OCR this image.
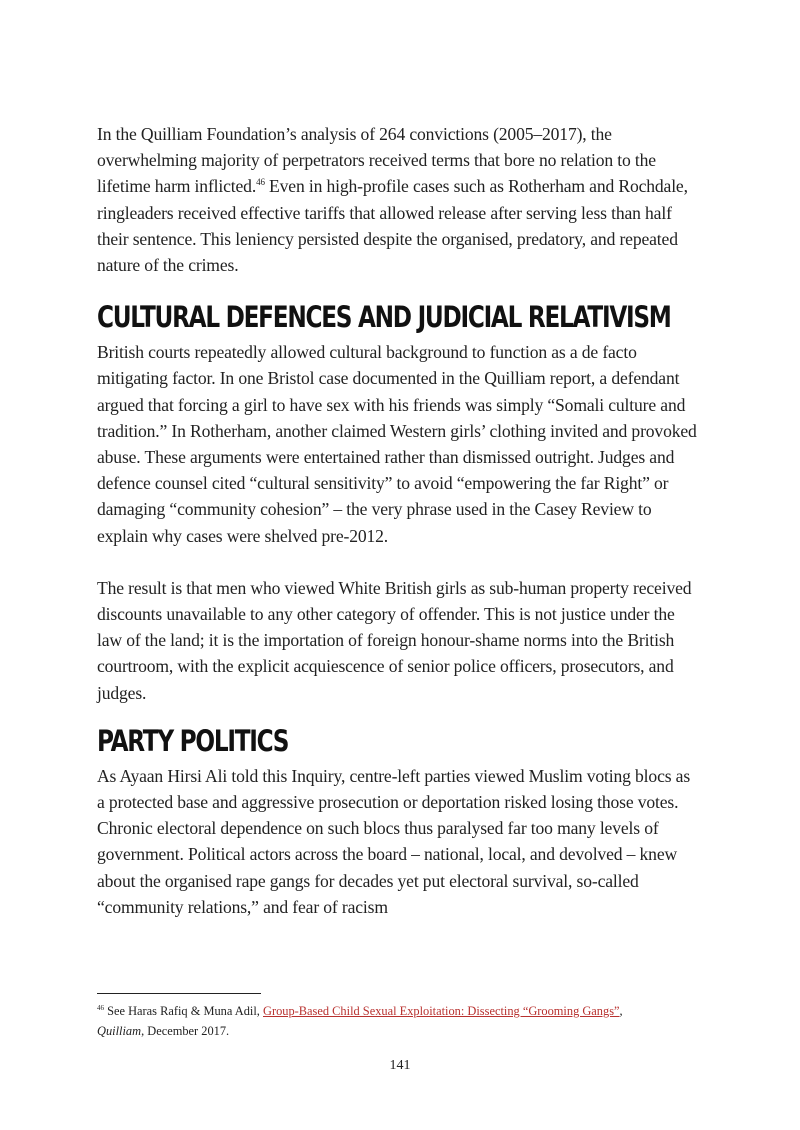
In the Quilliam Foundation’s analysis of 264 convictions (2005–2017), the overwhelming majority of perpetrators received terms that bore no relation to the lifetime harm inflicted.$^{46}$ Even in high-profile cases such as Rotherham and Rochdale, ringleaders received effective tariffs that allowed release after serving less than half their sentence. This leniency persisted despite the organised, predatory, and repeated nature of the crimes.

CULTURAL DEFENCES AND JUDICIAL RELATIVISM

British courts repeatedly allowed cultural background to function as a de facto mitigating factor. In one Bristol case documented in the Quilliam report, a defendant argued that forcing a girl to have sex with his friends was simply “Somali culture and tradition.” In Rotherham, another claimed Western girls’ clothing invited and provoked abuse. These arguments were entertained rather than dismissed outright. Judges and defence counsel cited “cultural sensitivity” to avoid “empowering the far Right” or damaging “community cohesion” – the very phrase used in the Casey Review to explain why cases were shelved pre-2012.

The result is that men who viewed White British girls as sub-human property received discounts unavailable to any other category of offender. This is not justice under the law of the land; it is the importation of foreign honour-shame norms into the British courtroom, with the explicit acquiescence of senior police officers, prosecutors, and judges.

PARTY POLITICS

As Ayaan Hirsi Ali told this Inquiry, centre-left parties viewed Muslim voting blocs as a protected base and aggressive prosecution or deportation risked losing those votes. Chronic electoral dependence on such blocs thus paralysed far too many levels of government. Political actors across the board – national, local, and devolved – knew about the organised rape gangs for decades yet put electoral survival, so-called “community relations,” and fear of racism

$^{46}$ See Haras Rafiq & Muna Adil, Group-Based Child Sexual Exploitation: Dissecting “Grooming Gangs”,
Quilliam, December 2017.
141
